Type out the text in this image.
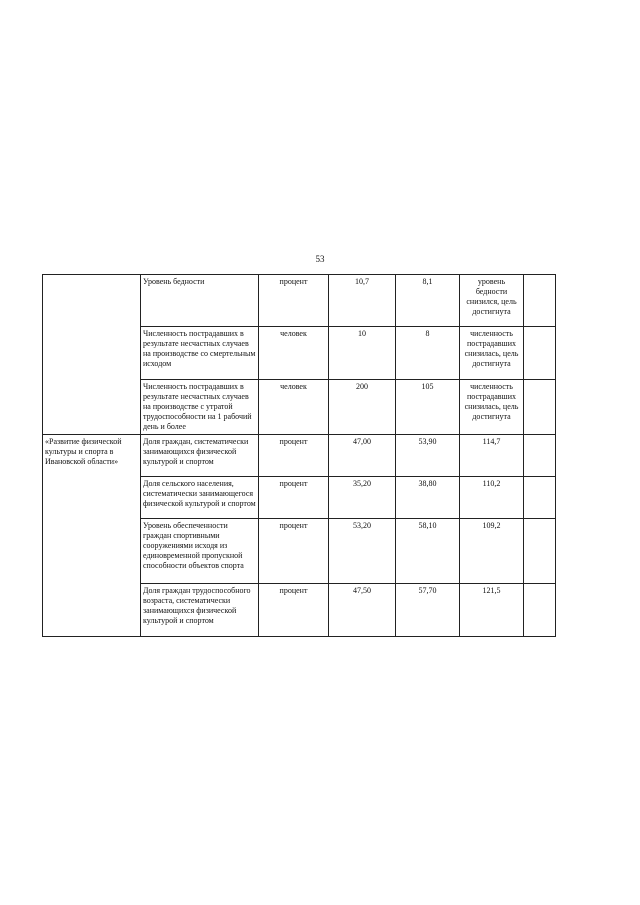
53
	Уровень бедности	процент	10,7	8,1	уровень бедности снизился, цель достигнута	
	Численность пострадавших в результате несчастных случаев на производстве со смертельным исходом	человек	10	8	численность пострадавших снизилась, цель достигнута	
	Численность пострадавших в результате несчастных случаев на производстве с утратой трудоспособности на 1 рабочий день и более	человек	200	105	численность пострадавших снизилась, цель достигнута	
«Развитие физической культуры и спорта в Ивановской области»	Доля граждан, систематически занимающихся физической культурой и спортом	процент	47,00	53,90	114,7	
	Доля сельского населения, систематически занимающегося физической культурой и спортом	процент	35,20	38,80	110,2	
	Уровень обеспеченности граждан спортивными сооружениями исходя из единовременной пропускной способности объектов спорта	процент	53,20	58,10	109,2	
	Доля граждан трудоспособного возраста, систематически занимающихся физической культурой и спортом	процент	47,50	57,70	121,5	
